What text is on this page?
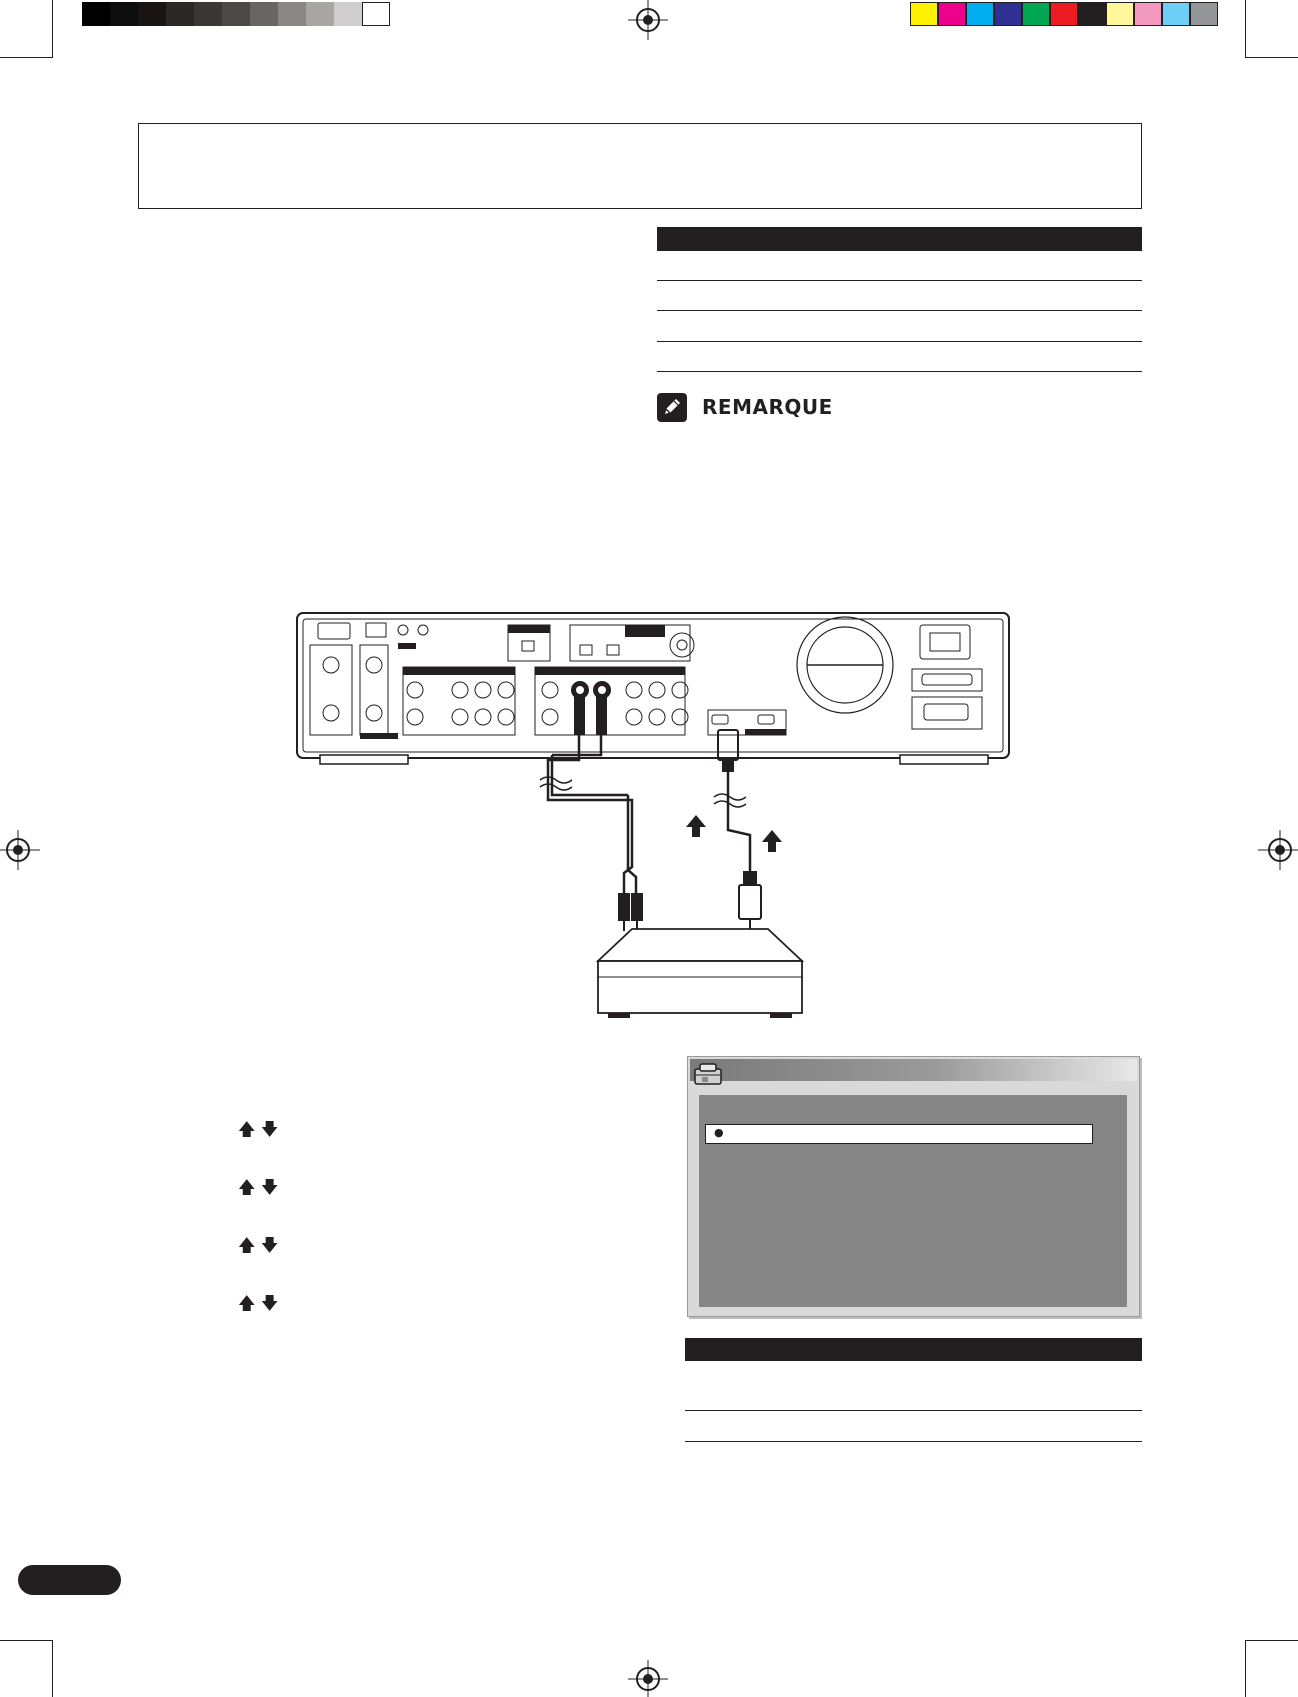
REMARQUE
🡅 🡇
🡅 🡇
🡅 🡇
🡅 🡇
●
